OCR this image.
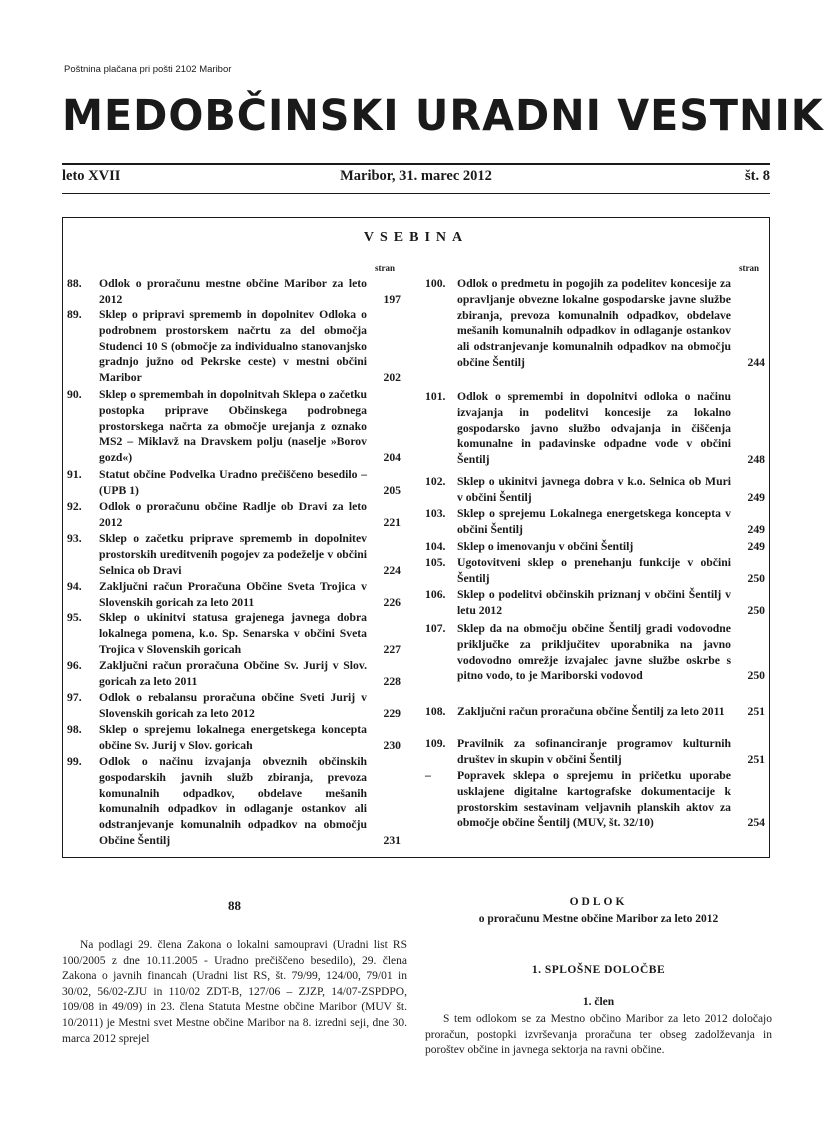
Poštnina plačana pri pošti 2102 Maribor
MEDOBČINSKI URADNI VESTNIK
leto XVII	Maribor, 31. marec 2012	št. 8
VSEBINA
stran
88.	Odlok o proračunu mestne občine Maribor za leto 2012	197
89.	Sklep o pripravi sprememb in dopolnitev Odloka o podrobnem prostorskem načrtu za del območja Studenci 10 S (območje za individualno stanovanjsko gradnjo južno od Pekrske ceste) v mestni občini Maribor	202
90.	Sklep o spremembah in dopolnitvah Sklepa o začetku postopka priprave Občinskega podrobnega prostorskega načrta za območje urejanja z oznako MS2 – Miklavž na Dravskem polju (naselje »Borov gozd«)	204
91.	Statut občine Podvelka Uradno prečiščeno besedilo – (UPB 1)	205
92.	Odlok o proračunu občine Radlje ob Dravi za leto 2012	221
93.	Sklep o začetku priprave sprememb in dopolnitev prostorskih ureditvenih pogojev za podeželje v občini Selnica ob Dravi	224
94.	Zaključni račun Proračuna Občine Sveta Trojica v Slovenskih goricah za leto 2011	226
95.	Sklep o ukinitvi statusa grajenega javnega dobra lokalnega pomena, k.o. Sp. Senarska v občini Sveta Trojica v Slovenskih goricah	227
96.	Zaključni račun proračuna Občine Sv. Jurij v Slov. goricah za leto 2011	228
97.	Odlok o rebalansu proračuna občine Sveti Jurij v Slovenskih goricah za leto 2012	229
98.	Sklep o sprejemu lokalnega energetskega koncepta občine Sv. Jurij v Slov. goricah	230
99.	Odlok o načinu izvajanja obveznih občinskih gospodarskih javnih služb zbiranja, prevoza komunalnih odpadkov, obdelave mešanih komunalnih odpadkov in odlaganje ostankov ali odstranjevanje komunalnih odpadkov na območju Občine Šentilj	231
stran
100. Odlok o predmetu in pogojih za podelitev koncesije za opravljanje obvezne lokalne gospodarske javne službe zbiranja, prevoza komunalnih odpadkov, obdelave mešanih komunalnih odpadkov in odlaganje ostankov ali odstranjevanje komunalnih odpadkov na območju občine Šentilj	244
101. Odlok o spremembi in dopolnitvi odloka o načinu izvajanja in podelitvi koncesije za lokalno gospodarsko javno službo odvajanja in čiščenja komunalne in padavinske odpadne vode v občini Šentilj	248
102. Sklep o ukinitvi javnega dobra v k.o. Selnica ob Muri v občini Šentilj	249
103. Sklep o sprejemu Lokalnega energetskega koncepta v občini Šentilj	249
104. Sklep o imenovanju v občini Šentilj	249
105. Ugotovitveni sklep o prenehanju funkcije v občini Šentilj	250
106. Sklep o podelitvi občinskih priznanj v občini Šentilj v letu 2012	250
107. Sklep da na območju občine Šentilj gradi vodovodne priključke za priključitev uporabnika na javno vodovodno omrežje izvajalec javne službe oskrbe s pitno vodo, to je Mariborski vodovod	250
108. Zaključni račun proračuna občine Šentilj za leto 2011	251
109. Pravilnik za sofinanciranje programov kulturnih društev in skupin v občini Šentilj	251
–	Popravek sklepa o sprejemu in pričetku uporabe usklajene digitalne kartografske dokumentacije k prostorskim sestavinam veljavnih planskih aktov za območje občine Šentilj (MUV, št. 32/10)	254
88
Na podlagi 29. člena Zakona o lokalni samoupravi (Uradni list RS 100/2005 z dne 10.11.2005 - Uradno prečiščeno besedilo), 29. člena Zakona o javnih financah (Uradni list RS, št. 79/99, 124/00, 79/01 in 30/02, 56/02-ZJU in 110/02 ZDT-B, 127/06 – ZJZP, 14/07-ZSPDPO, 109/08 in 49/09) in 23. člena Statuta Mestne občine Maribor (MUV št. 10/2011) je Mestni svet Mestne občine Maribor na 8. izredni seji, dne 30. marca 2012 sprejel
ODLOK
o proračunu Mestne občine Maribor za leto 2012
1. SPLOŠNE DOLOČBE
1. člen
S tem odlokom se za Mestno občino Maribor za leto 2012 določajo proračun, postopki izvrševanja proračuna ter obseg zadolževanja in poroštev občine in javnega sektorja na ravni občine.
